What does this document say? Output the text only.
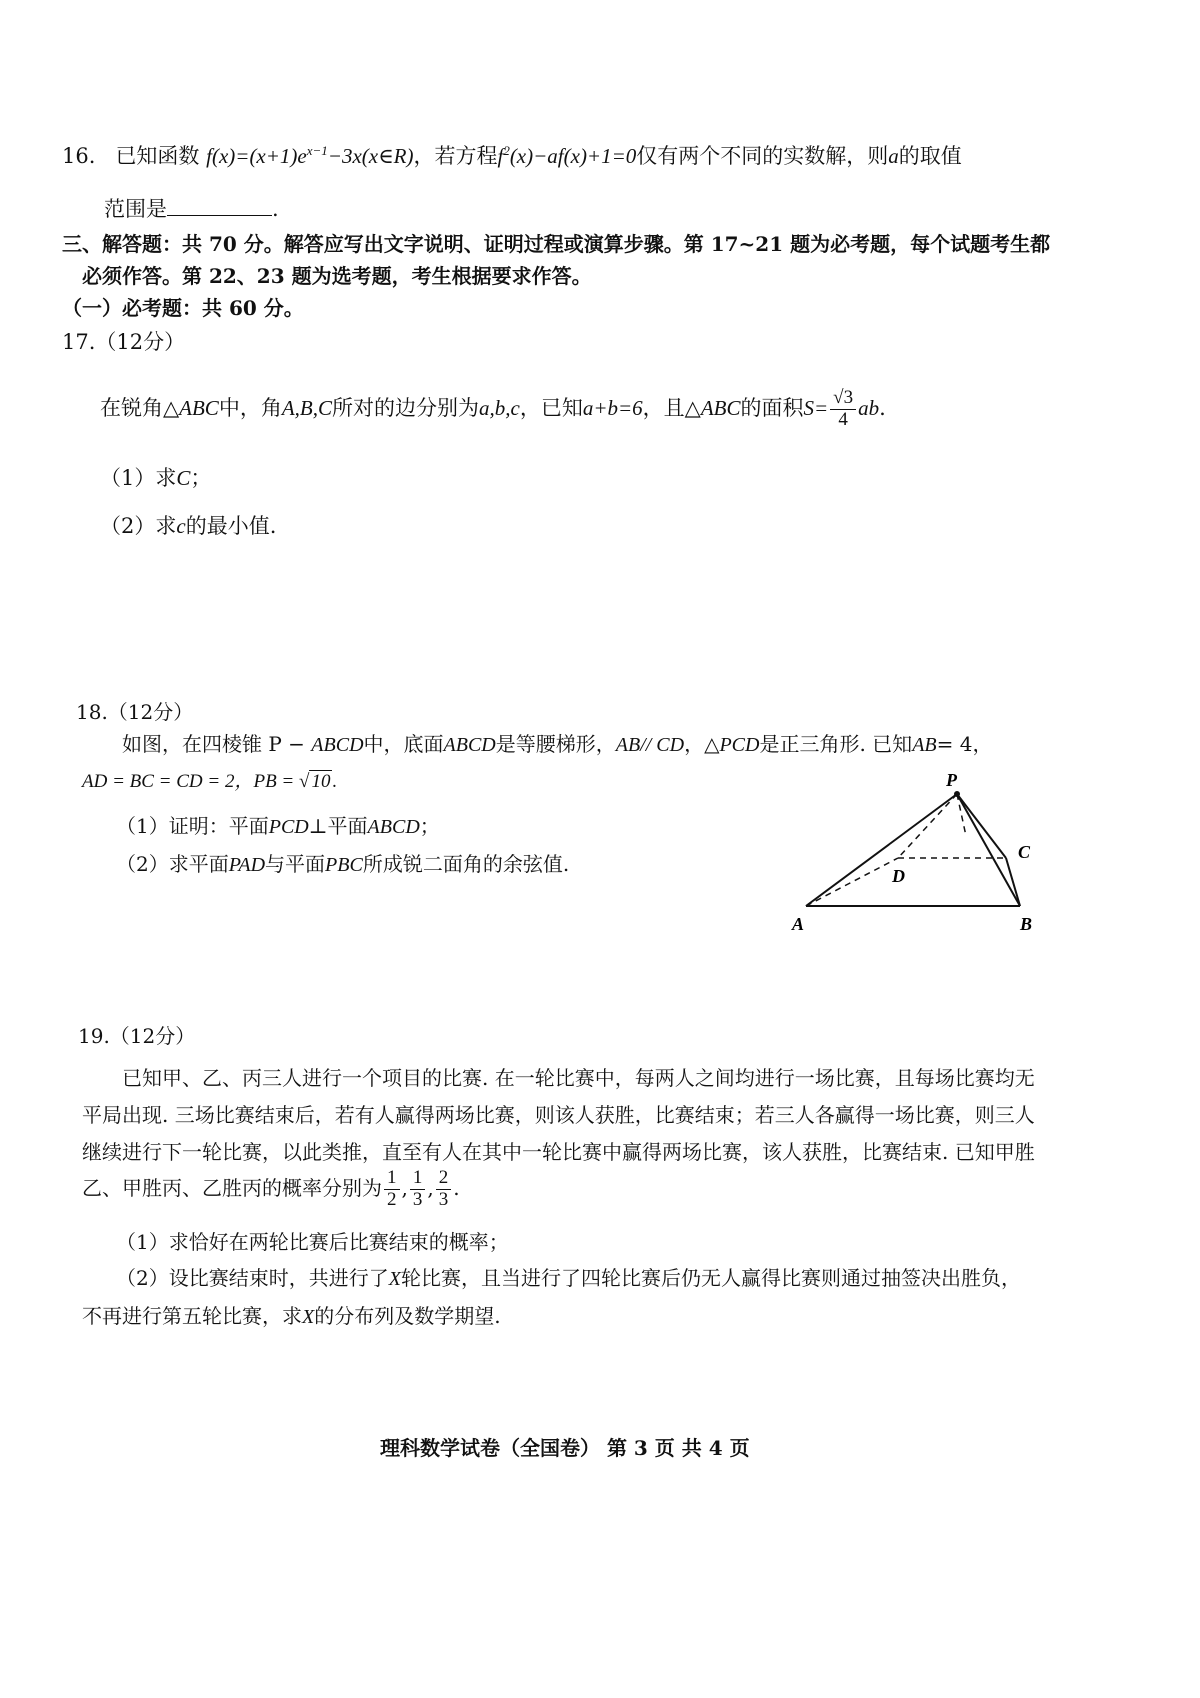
16. 已知函数 $f(x)=(x+1)e^{x-1}-3x(x\in R)$，若方程$f^2(x)-af(x)+1=0$仅有两个不同的实数解，则a的取值
范围是	.
三、解答题：共 70 分。解答应写出文字说明、证明过程或演算步骤。第 17~21 题为必考题，每个试题考生都
必须作答。第 22、23 题为选考题，考生根据要求作答。
（一）必考题：共 60 分。
17.（12分）
在锐角△ABC中，角A,B,C所对的边分别为a,b,c，已知a+b=6，且△ABC的面积$S= \frac{√3}{4}$ ab.
（1）求C；
（2）求c的最小值.
18.（12分）
如图，在四棱锥 P − ABCD中，底面ABCD是等腰梯形，AB// CD，△PCD是正三角形. 已知AB= 4，
AD = BC = CD = 2，PB = √ 10 .
（1）证明：平面PCD⊥平面ABCD；
（2）求平面PAD与平面PBC所成锐二面角的余弦值.
P
A	B
C
D
19.（12分）
已知甲、乙、丙三人进行一个项目的比赛. 在一轮比赛中，每两人之间均进行一场比赛，且每场比赛均无
平局出现. 三场比赛结束后，若有人赢得两场比赛，则该人获胜，比赛结束；若三人各赢得一场比赛，则三人
继续进行下一轮比赛，以此类推，直至有人在其中一轮比赛中赢得两场比赛，该人获胜，比赛结束. 已知甲胜
乙、甲胜丙、乙胜丙的概率分别为 $\frac{1}{2}$ , $\frac{1}{3}$ , $\frac{2}{3}$ .
（1）求恰好在两轮比赛后比赛结束的概率；
（2）设比赛结束时，共进行了X轮比赛，且当进行了四轮比赛后仍无人赢得比赛则通过抽签决出胜负，
不再进行第五轮比赛，求X的分布列及数学期望.
理科数学试卷（全国卷） 第 3 页 共 4 页
